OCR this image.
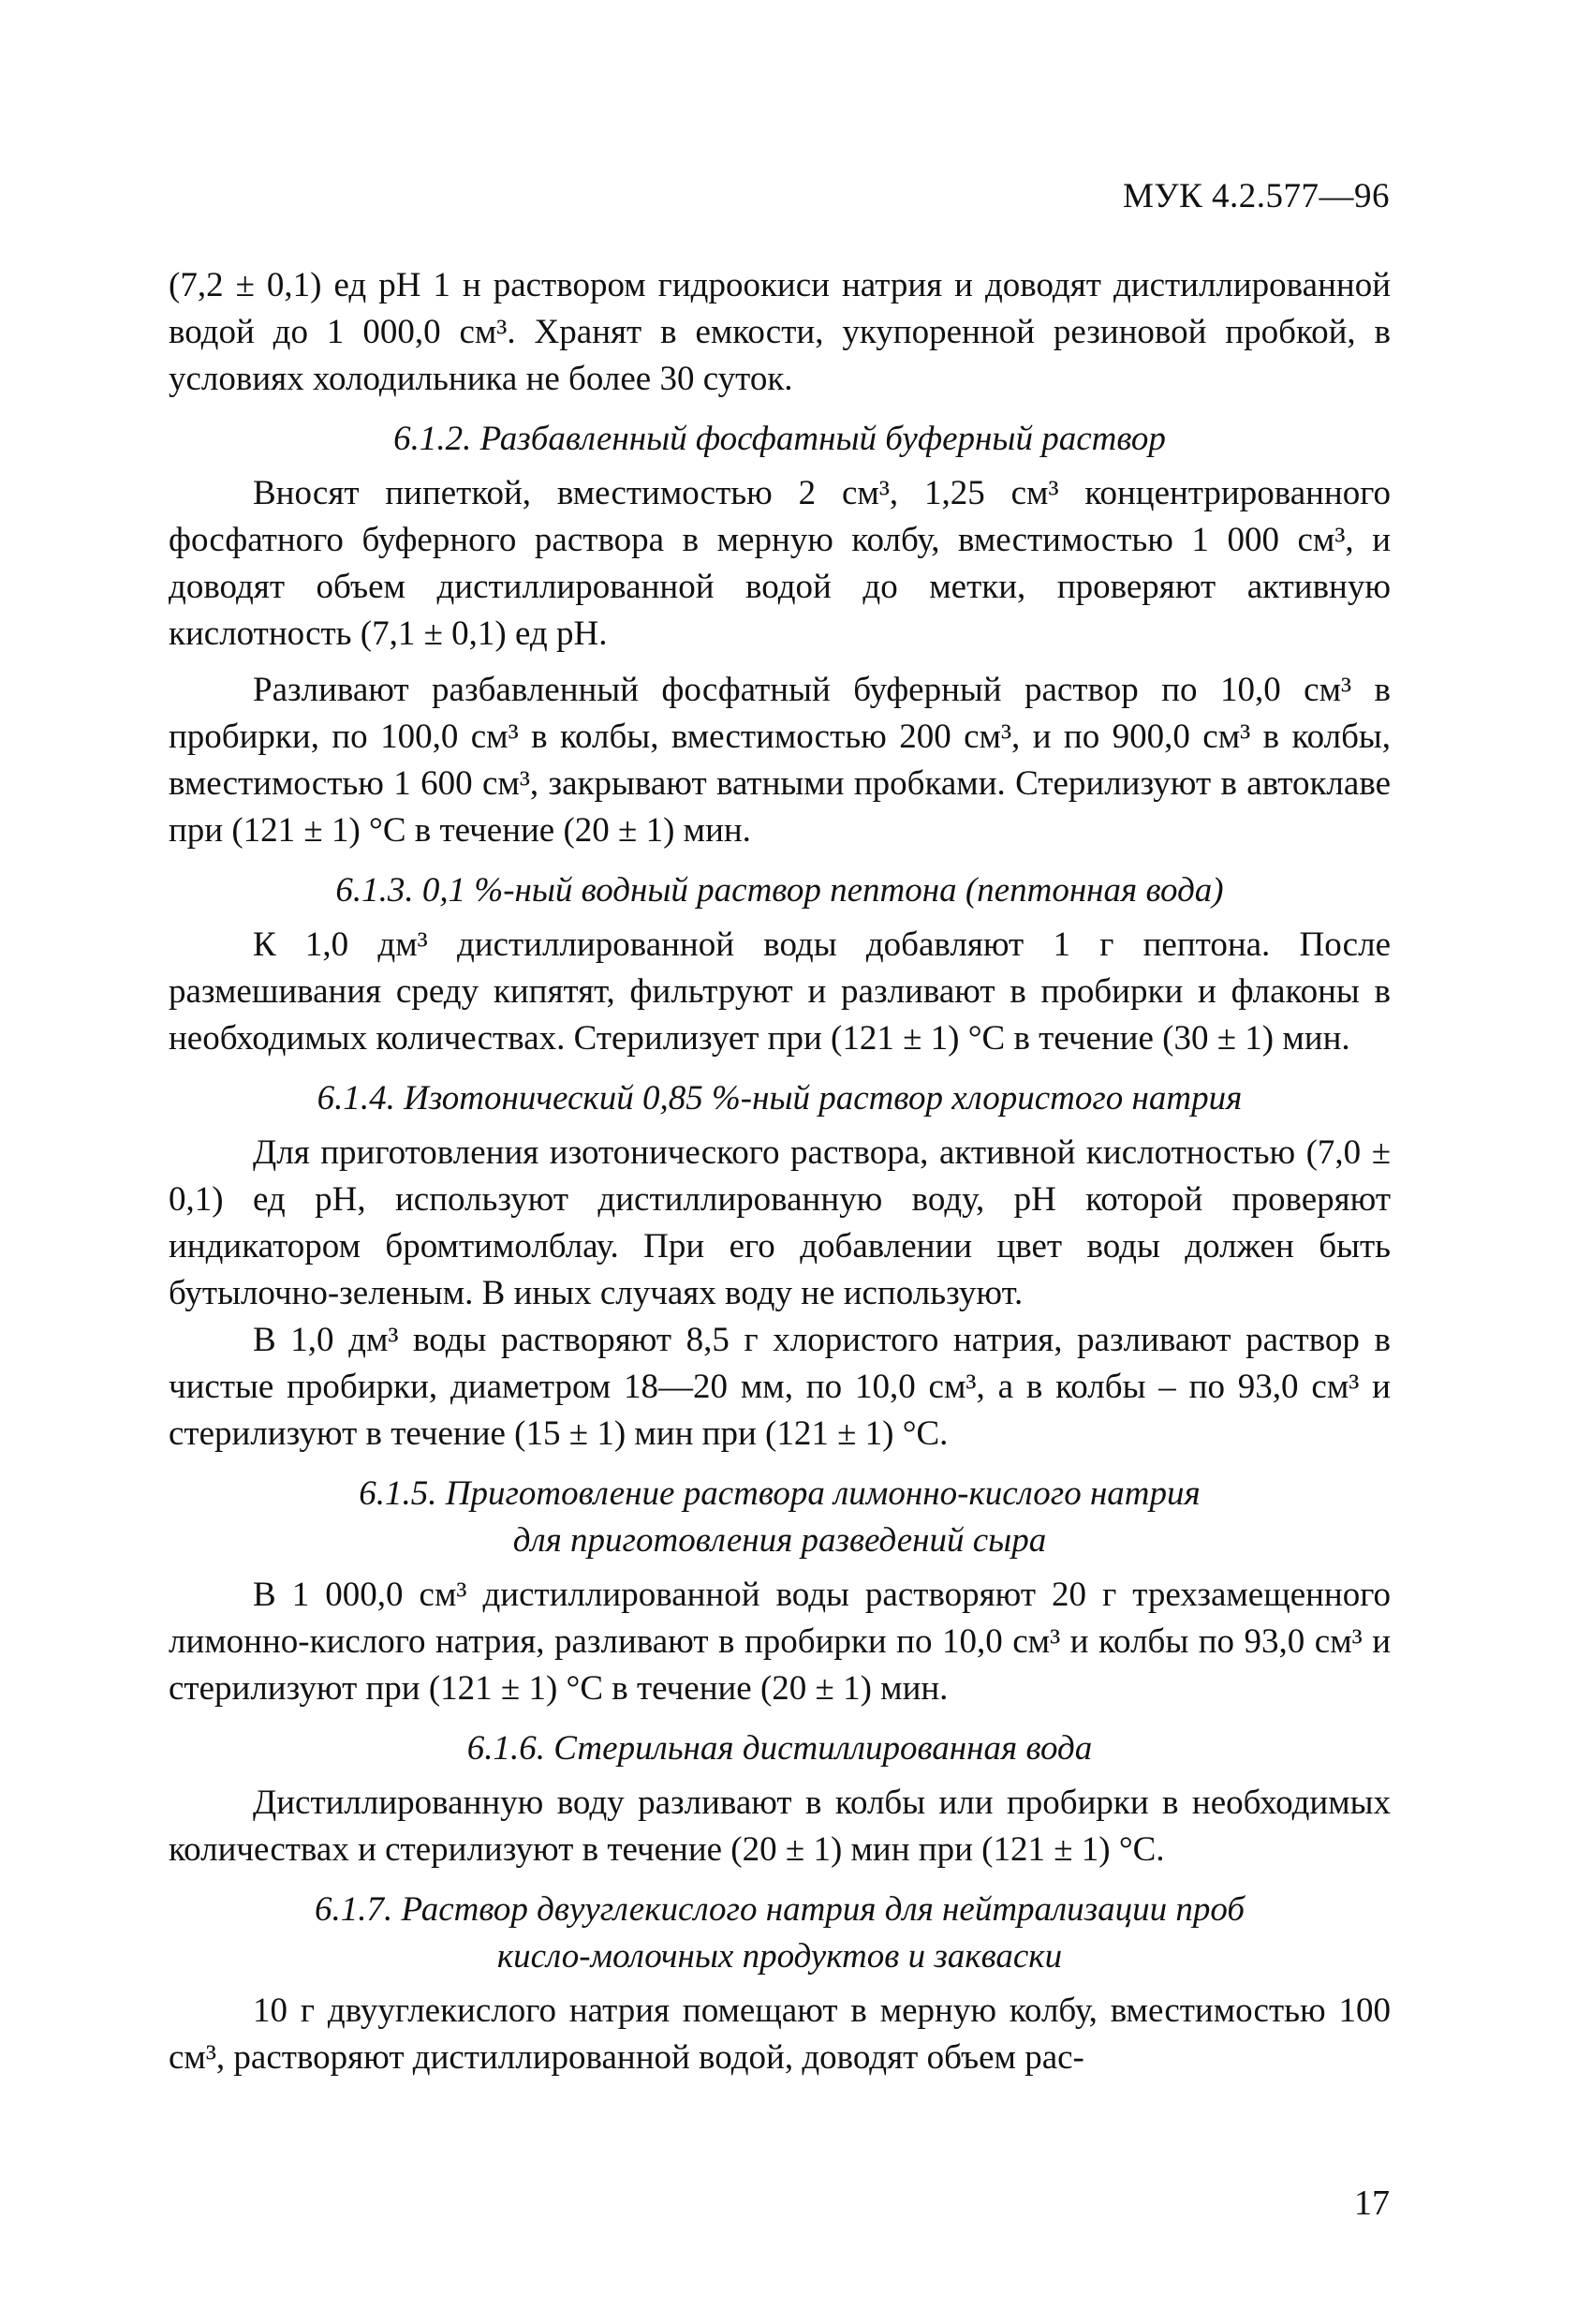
МУК 4.2.577—96

(7,2 ± 0,1) ед pH 1 н раствором гидроокиси натрия и доводят дистиллированной водой до 1 000,0 см³. Хранят в емкости, укупоренной резиновой пробкой, в условиях холодильника не более 30 суток.

6.1.2. Разбавленный фосфатный буферный раствор

Вносят пипеткой, вместимостью 2 см³, 1,25 см³ концентрированного фосфатного буферного раствора в мерную колбу, вместимостью 1 000 см³, и доводят объем дистиллированной водой до метки, проверяют активную кислотность (7,1 ± 0,1) ед pH.

Разливают разбавленный фосфатный буферный раствор по 10,0 см³ в пробирки, по 100,0 см³ в колбы, вместимостью 200 см³, и по 900,0 см³ в колбы, вместимостью 1 600 см³, закрывают ватными пробками. Стерилизуют в автоклаве при (121 ± 1) °С в течение (20 ± 1) мин.

6.1.3. 0,1 %-ный водный раствор пептона (пептонная вода)

К 1,0 дм³ дистиллированной воды добавляют 1 г пептона. После размешивания среду кипятят, фильтруют и разливают в пробирки и флаконы в необходимых количествах. Стерилизует при (121 ± 1) °С в течение (30 ± 1) мин.

6.1.4. Изотонический 0,85 %-ный раствор хлористого натрия

Для приготовления изотонического раствора, активной кислотностью (7,0 ± 0,1) ед pH, используют дистиллированную воду, pH которой проверяют индикатором бромтимолблау. При его добавлении цвет воды должен быть бутылочно-зеленым. В иных случаях воду не используют.

В 1,0 дм³ воды растворяют 8,5 г хлористого натрия, разливают раствор в чистые пробирки, диаметром 18—20 мм, по 10,0 см³, а в колбы – по 93,0 см³ и стерилизуют в течение (15 ± 1) мин при (121 ± 1) °С.

6.1.5. Приготовление раствора лимонно-кислого натрия

для приготовления разведений сыра

В 1 000,0 см³ дистиллированной воды растворяют 20 г трехзамещенного лимонно-кислого натрия, разливают в пробирки по 10,0 см³ и колбы по 93,0 см³ и стерилизуют при (121 ± 1) °С в течение (20 ± 1) мин.

6.1.6. Стерильная дистиллированная вода

Дистиллированную воду разливают в колбы или пробирки в необходимых количествах и стерилизуют в течение (20 ± 1) мин при (121 ± 1) °С.

6.1.7. Раствор двууглекислого натрия для нейтрализации проб

кисло-молочных продуктов и закваски

10 г двууглекислого натрия помещают в мерную колбу, вместимостью 100 см³, растворяют дистиллированной водой, доводят объем рас-

17
